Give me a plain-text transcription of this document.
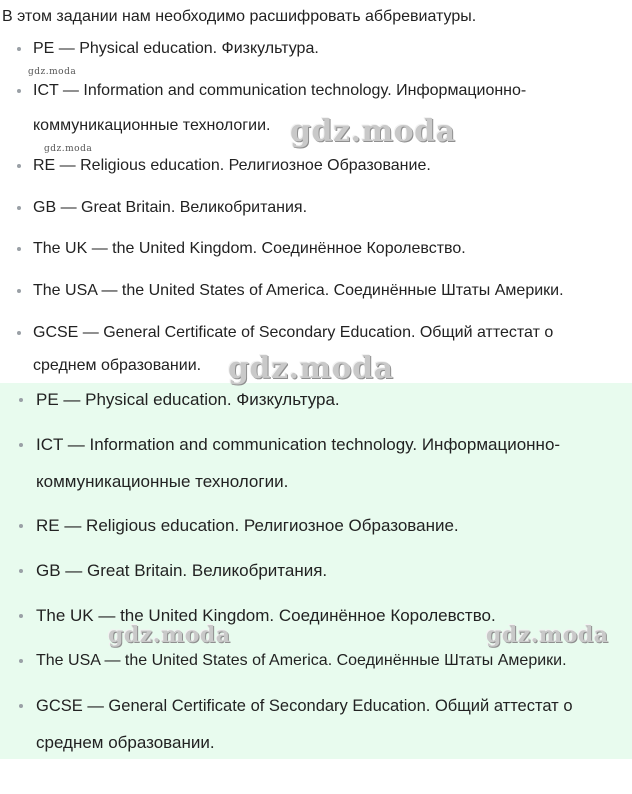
В этом задании нам необходимо расшифровать аббревиатуры.
PE — Physical education. Физкультура.
ICT — Information and communication technology. Информационно-
коммуникационные технологии.
RE — Religious education. Религиозное Образование.
GB — Great Britain. Великобритания.
The UK — the United Kingdom. Соединённое Королевство.
The USA — the United States of America. Соединённые Штаты Америки.
GCSE — General Certificate of Secondary Education. Общий аттестат о
среднем образовании.
PE — Physical education. Физкультура.
ICT — Information and communication technology. Информационно-
коммуникационные технологии.
RE — Religious education. Религиозное Образование.
GB — Great Britain. Великобритания.
The UK — the United Kingdom. Соединённое Королевство.
The USA — the United States of America. Соединённые Штаты Америки.
GCSE — General Certificate of Secondary Education. Общий аттестат о
среднем образовании.
gdz.moda
gdz.moda	gdz.moda
gdz.moda
gdz.moda	gdz.moda
